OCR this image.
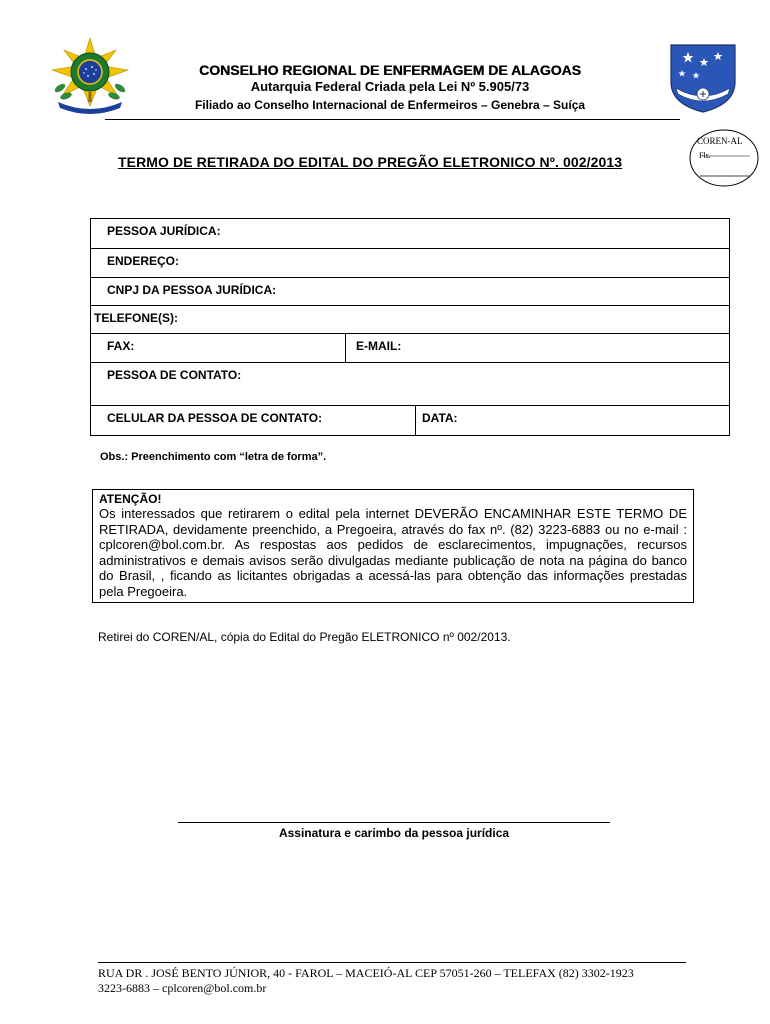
CONSELHO REGIONAL DE ENFERMAGEM DE ALAGOAS
Autarquia Federal Criada pela Lei Nº 5.905/73
Filiado ao Conselho Internacional de Enfermeiros – Genebra – Suíça
COREN-AL
Fls.
TERMO DE RETIRADA DO EDITAL DO PREGÃO ELETRONICO Nº. 002/2013
PESSOA JURÍDICA:
ENDEREÇO:
CNPJ DA PESSOA JURÍDICA:
TELEFONE(S):
FAX:	E-MAIL:
PESSOA DE CONTATO:
CELULAR DA PESSOA DE CONTATO:	DATA:
Obs.: Preenchimento com “letra de forma”.
ATENÇÃO!
Os interessados que retirarem o edital pela internet DEVERÃO ENCAMINHAR ESTE TERMO DE RETIRADA, devidamente preenchido, a Pregoeira, através do fax nº. (82) 3223-6883 ou no e-mail : cplcoren@bol.com.br. As respostas aos pedidos de esclarecimentos, impugnações, recursos administrativos e demais avisos serão divulgadas mediante publicação de nota na página do banco do Brasil, , ficando as licitantes obrigadas a acessá-las para obtenção das informações prestadas pela Pregoeira.
Retirei do COREN/AL, cópia do Edital do Pregão ELETRONICO nº 002/2013.
Assinatura e carimbo da pessoa jurídica
RUA DR . JOSÉ BENTO JÚNIOR, 40 - FAROL – MACEIÓ-AL CEP 57051-260 – TELEFAX (82) 3302-1923
3223-6883 – cplcoren@bol.com.br
